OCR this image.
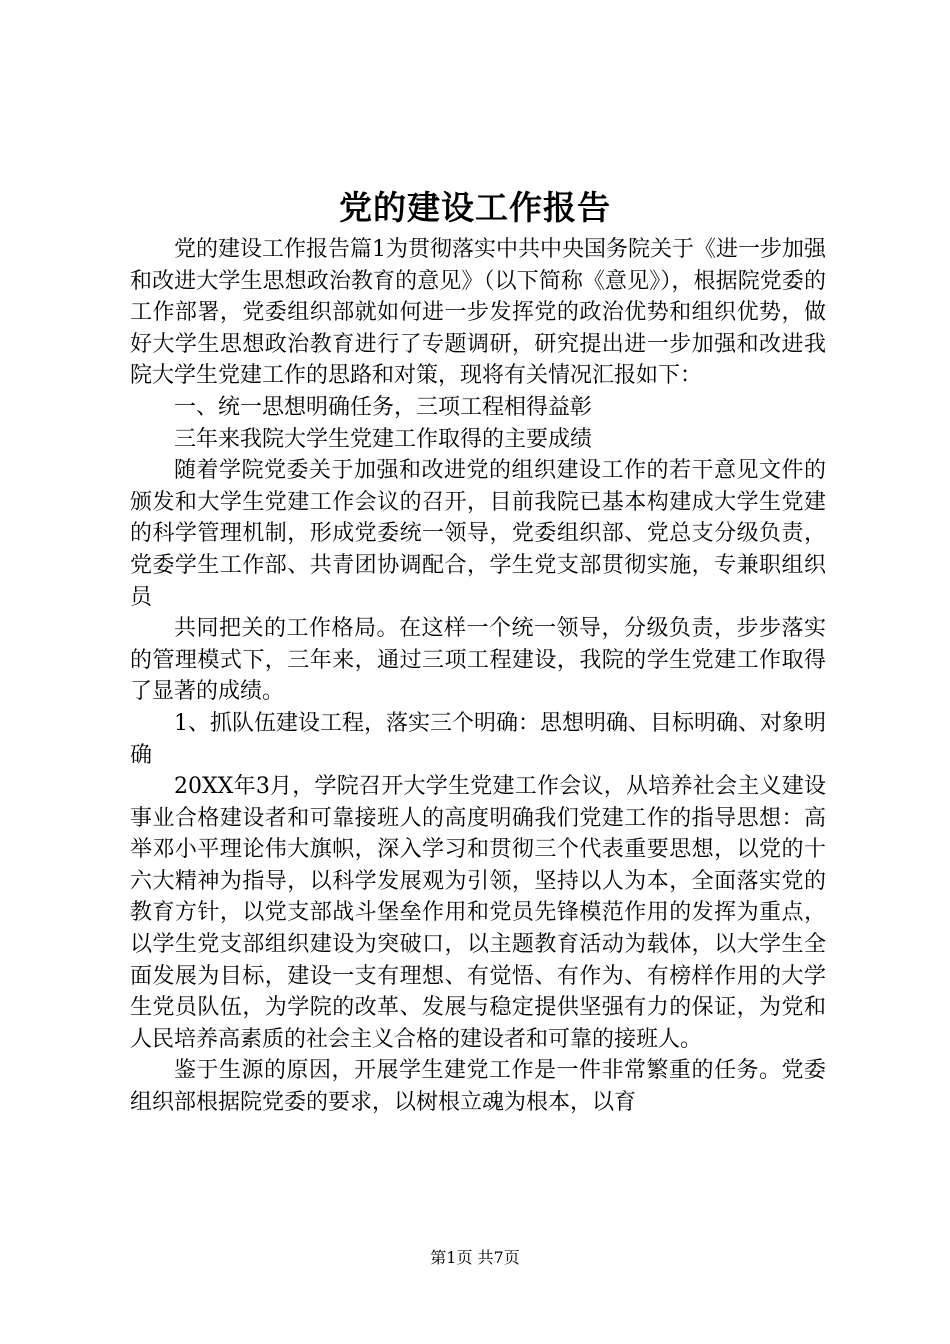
党的建设工作报告

党的建设工作报告篇1为贯彻落实中共中央国务院关于《进一步加强和改进大学生思想政治教育的意见》（以下简称《意见》），根据院党委的工作部署，党委组织部就如何进一步发挥党的政治优势和组织优势，做好大学生思想政治教育进行了专题调研，研究提出进一步加强和改进我院大学生党建工作的思路和对策，现将有关情况汇报如下：

一、统一思想明确任务，三项工程相得益彰

三年来我院大学生党建工作取得的主要成绩

随着学院党委关于加强和改进党的组织建设工作的若干意见文件的颁发和大学生党建工作会议的召开，目前我院已基本构建成大学生党建的科学管理机制，形成党委统一领导，党委组织部、党总支分级负责，党委学生工作部、共青团协调配合，学生党支部贯彻实施，专兼职组织员

共同把关的工作格局。在这样一个统一领导，分级负责，步步落实的管理模式下，三年来，通过三项工程建设，我院的学生党建工作取得了显著的成绩。

1、抓队伍建设工程，落实三个明确：思想明确、目标明确、对象明确

20XX年3月，学院召开大学生党建工作会议，从培养社会主义建设事业合格建设者和可靠接班人的高度明确我们党建工作的指导思想：高举邓小平理论伟大旗帜，深入学习和贯彻三个代表重要思想，以党的十六大精神为指导，以科学发展观为引领，坚持以人为本，全面落实党的教育方针，以党支部战斗堡垒作用和党员先锋模范作用的发挥为重点，以学生党支部组织建设为突破口，以主题教育活动为载体，以大学生全面发展为目标，建设一支有理想、有觉悟、有作为、有榜样作用的大学生党员队伍，为学院的改革、发展与稳定提供坚强有力的保证，为党和人民培养高素质的社会主义合格的建设者和可靠的接班人。

鉴于生源的原因，开展学生建党工作是一件非常繁重的任务。党委组织部根据院党委的要求，以树根立魂为根本，以育

第1页 共7页
